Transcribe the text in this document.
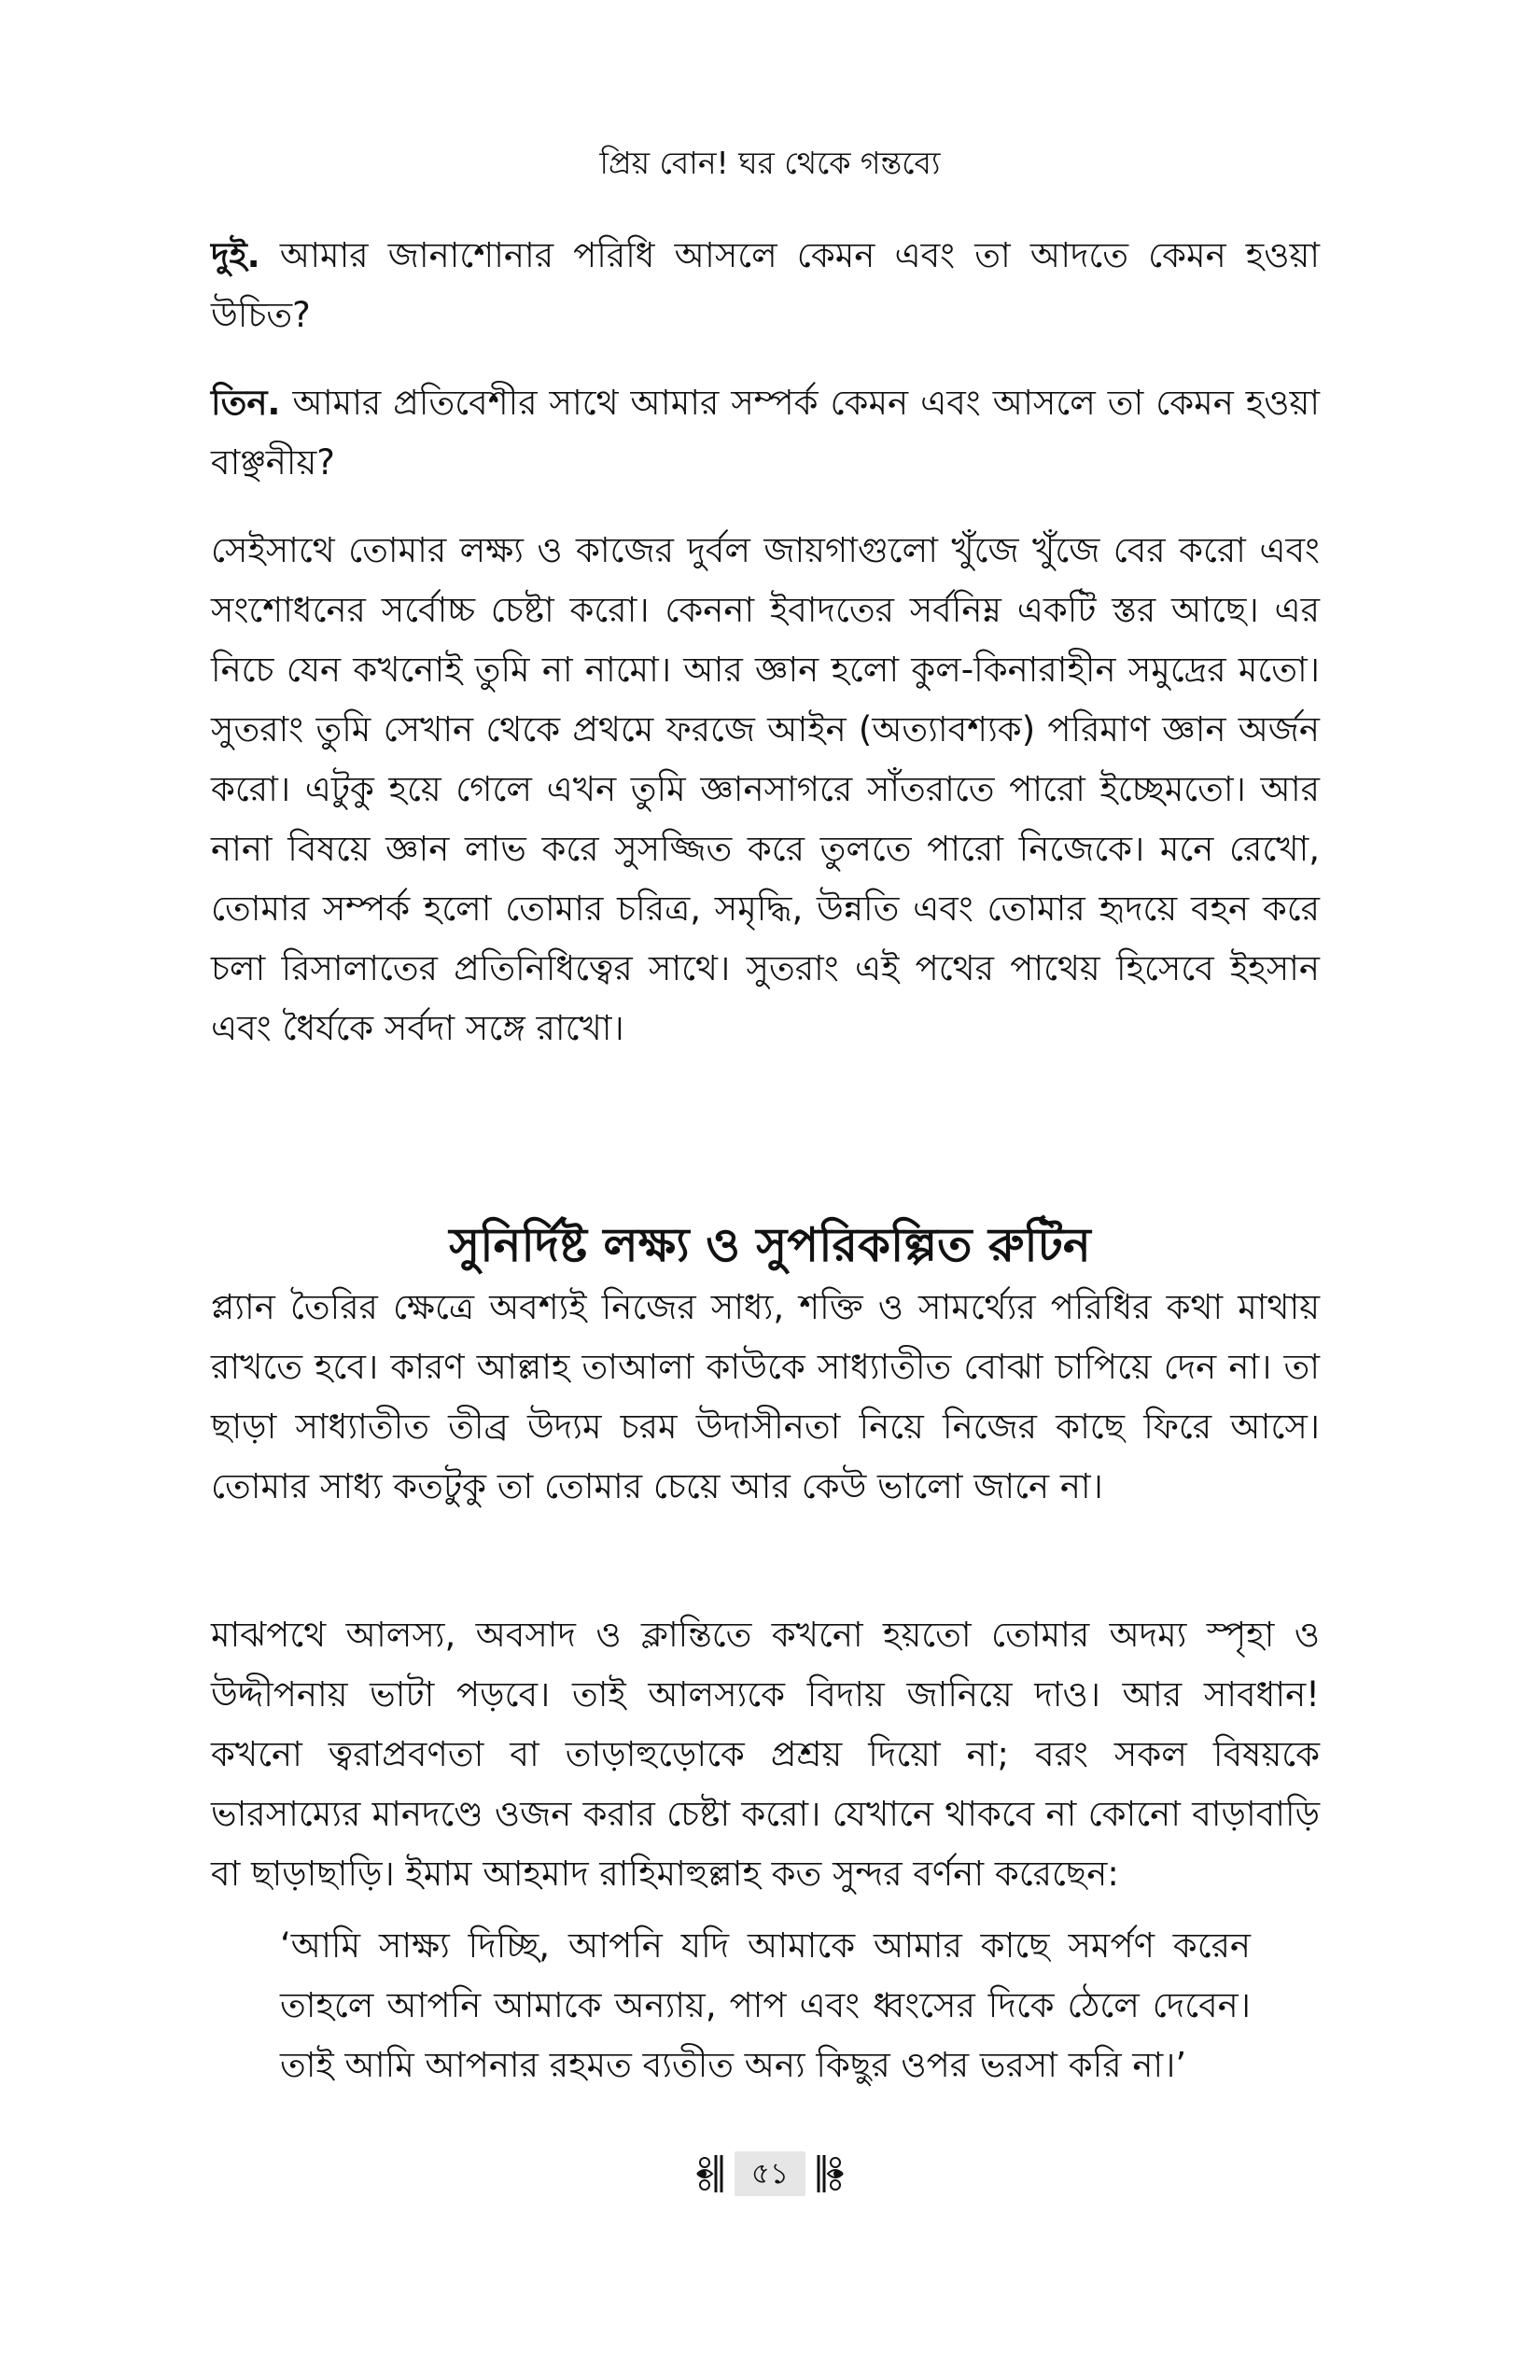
প্রিয় বোন! ঘর থেকে গন্তব্যে

দুই. আমার জানাশোনার পরিধি আসলে কেমন এবং তা আদতে কেমন হওয়া উচিত?

তিন. আমার প্রতিবেশীর সাথে আমার সম্পর্ক কেমন এবং আসলে তা কেমন হওয়া বাঞ্ছনীয়?

সেইসাথে তোমার লক্ষ্য ও কাজের দুর্বল জায়গাগুলো খুঁজে খুঁজে বের করো এবং সংশোধনের সর্বোচ্চ চেষ্টা করো। কেননা ইবাদতের সর্বনিম্ন একটি স্তর আছে। এর নিচে যেন কখনোই তুমি না নামো। আর জ্ঞান হলো কুল-কিনারাহীন সমুদ্রের মতো। সুতরাং তুমি সেখান থেকে প্রথমে ফরজে আইন (অত্যাবশ্যক) পরিমাণ জ্ঞান অর্জন করো। এটুকু হয়ে গেলে এখন তুমি জ্ঞানসাগরে সাঁতরাতে পারো ইচ্ছেমতো। আর নানা বিষয়ে জ্ঞান লাভ করে সুসজ্জিত করে তুলতে পারো নিজেকে। মনে রেখো, তোমার সম্পর্ক হলো তোমার চরিত্র, সমৃদ্ধি, উন্নতি এবং তোমার হৃদয়ে বহন করে চলা রিসালাতের প্রতিনিধিত্বের সাথে। সুতরাং এই পথের পাথেয় হিসেবে ইহসান এবং ধৈর্যকে সর্বদা সঙ্গে রাখো।

সুনির্দিষ্ট লক্ষ্য ও সুপরিকল্পিত রুটিন

প্ল্যান তৈরির ক্ষেত্রে অবশ্যই নিজের সাধ্য, শক্তি ও সামর্থ্যের পরিধির কথা মাথায় রাখতে হবে। কারণ আল্লাহ তাআলা কাউকে সাধ্যাতীত বোঝা চাপিয়ে দেন না। তা ছাড়া সাধ্যাতীত তীব্র উদ্যম চরম উদাসীনতা নিয়ে নিজের কাছে ফিরে আসে। তোমার সাধ্য কতটুকু তা তোমার চেয়ে আর কেউ ভালো জানে না।

মাঝপথে আলস্য, অবসাদ ও ক্লান্তিতে কখনো হয়তো তোমার অদম্য স্পৃহা ও উদ্দীপনায় ভাটা পড়বে। তাই আলস্যকে বিদায় জানিয়ে দাও। আর সাবধান! কখনো ত্বরাপ্রবণতা বা তাড়াহুড়োকে প্রশ্রয় দিয়ো না; বরং সকল বিষয়কে ভারসাম্যের মানদণ্ডে ওজন করার চেষ্টা করো। যেখানে থাকবে না কোনো বাড়াবাড়ি বা ছাড়াছাড়ি। ইমাম আহমাদ রাহিমাহুল্লাহ কত সুন্দর বর্ণনা করেছেন:

‘আমি সাক্ষ্য দিচ্ছি, আপনি যদি আমাকে আমার কাছে সমর্পণ করেন তাহলে আপনি আমাকে অন্যায়, পাপ এবং ধ্বংসের দিকে ঠেলে দেবেন। তাই আমি আপনার রহমত ব্যতীত অন্য কিছুর ওপর ভরসা করি না।’

৫১
